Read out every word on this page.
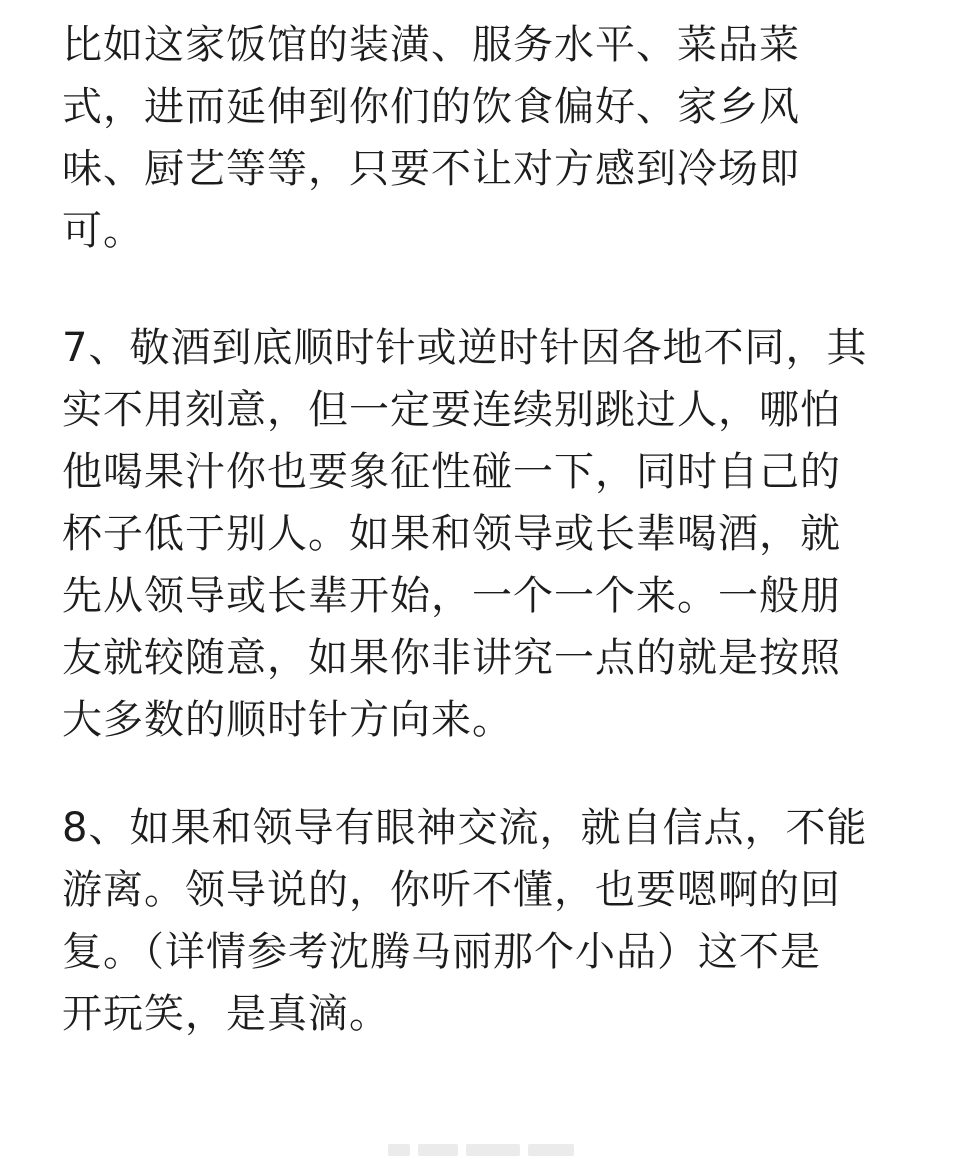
比如这家饭馆的装潢、服务水平、菜品菜
式，进而延伸到你们的饮食偏好、家乡风
味、厨艺等等，只要不让对方感到冷场即
可。
7、敬酒到底顺时针或逆时针因各地不同，其
实不用刻意，但一定要连续别跳过人，哪怕
他喝果汁你也要象征性碰一下，同时自己的
杯子低于别人。如果和领导或长辈喝酒，就
先从领导或长辈开始，一个一个来。一般朋
友就较随意，如果你非讲究一点的就是按照
大多数的顺时针方向来。
8、如果和领导有眼神交流，就自信点，不能
游离。领导说的，你听不懂，也要嗯啊的回
复。（详情参考沈腾马丽那个小品）这不是
开玩笑，是真滴。
